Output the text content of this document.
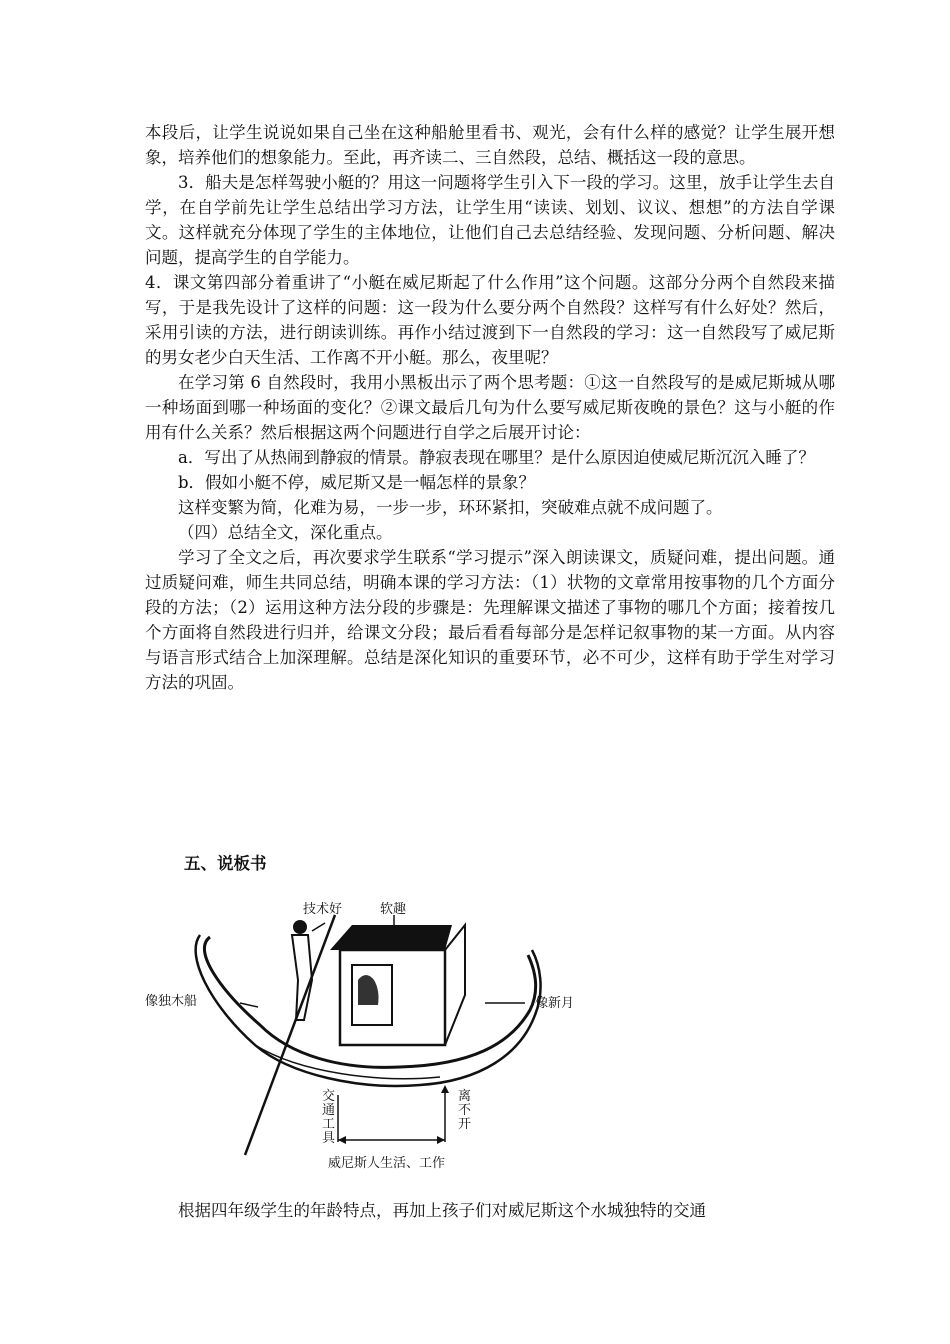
本段后，让学生说说如果自己坐在这种船舱里看书、观光，会有什么样的感觉？让学生展开想象，培养他们的想象能力。至此，再齐读二、三自然段，总结、概括这一段的意思。

3．船夫是怎样驾驶小艇的？用这一问题将学生引入下一段的学习。这里，放手让学生去自学，在自学前先让学生总结出学习方法，让学生用“读读、划划、议议、想想”的方法自学课文。这样就充分体现了学生的主体地位，让他们自己去总结经验、发现问题、分析问题、解决问题，提高学生的自学能力。

4．课文第四部分着重讲了“小艇在威尼斯起了什么作用”这个问题。这部分分两个自然段来描写，于是我先设计了这样的问题：这一段为什么要分两个自然段？这样写有什么好处？然后，采用引读的方法，进行朗读训练。再作小结过渡到下一自然段的学习：这一自然段写了威尼斯的男女老少白天生活、工作离不开小艇。那么，夜里呢？

在学习第 6 自然段时，我用小黑板出示了两个思考题：①这一自然段写的是威尼斯城从哪一种场面到哪一种场面的变化？②课文最后几句为什么要写威尼斯夜晚的景色？这与小艇的作用有什么关系？然后根据这两个问题进行自学之后展开讨论：

a．写出了从热闹到静寂的情景。静寂表现在哪里？是什么原因迫使威尼斯沉沉入睡了？

b．假如小艇不停，威尼斯又是一幅怎样的景象？

这样变繁为简，化难为易，一步一步，环环紧扣，突破难点就不成问题了。

（四）总结全文，深化重点。

学习了全文之后，再次要求学生联系“学习提示”深入朗读课文，质疑问难，提出问题。通过质疑问难，师生共同总结，明确本课的学习方法：（1）状物的文章常用按事物的几个方面分段的方法；（2）运用这种方法分段的步骤是：先理解课文描述了事物的哪几个方面；接着按几个方面将自然段进行归并，给课文分段；最后看看每部分是怎样记叙事物的某一方面。从内容与语言形式结合上加深理解。总结是深化知识的重要环节，必不可少，这样有助于学生对学习方法的巩固。

五、说板书

技术好	软趣
像独木船	像新月
交
通
工
具
离
不
开
威尼斯人生活、工作

根据四年级学生的年龄特点，再加上孩子们对威尼斯这个水城独特的交通
